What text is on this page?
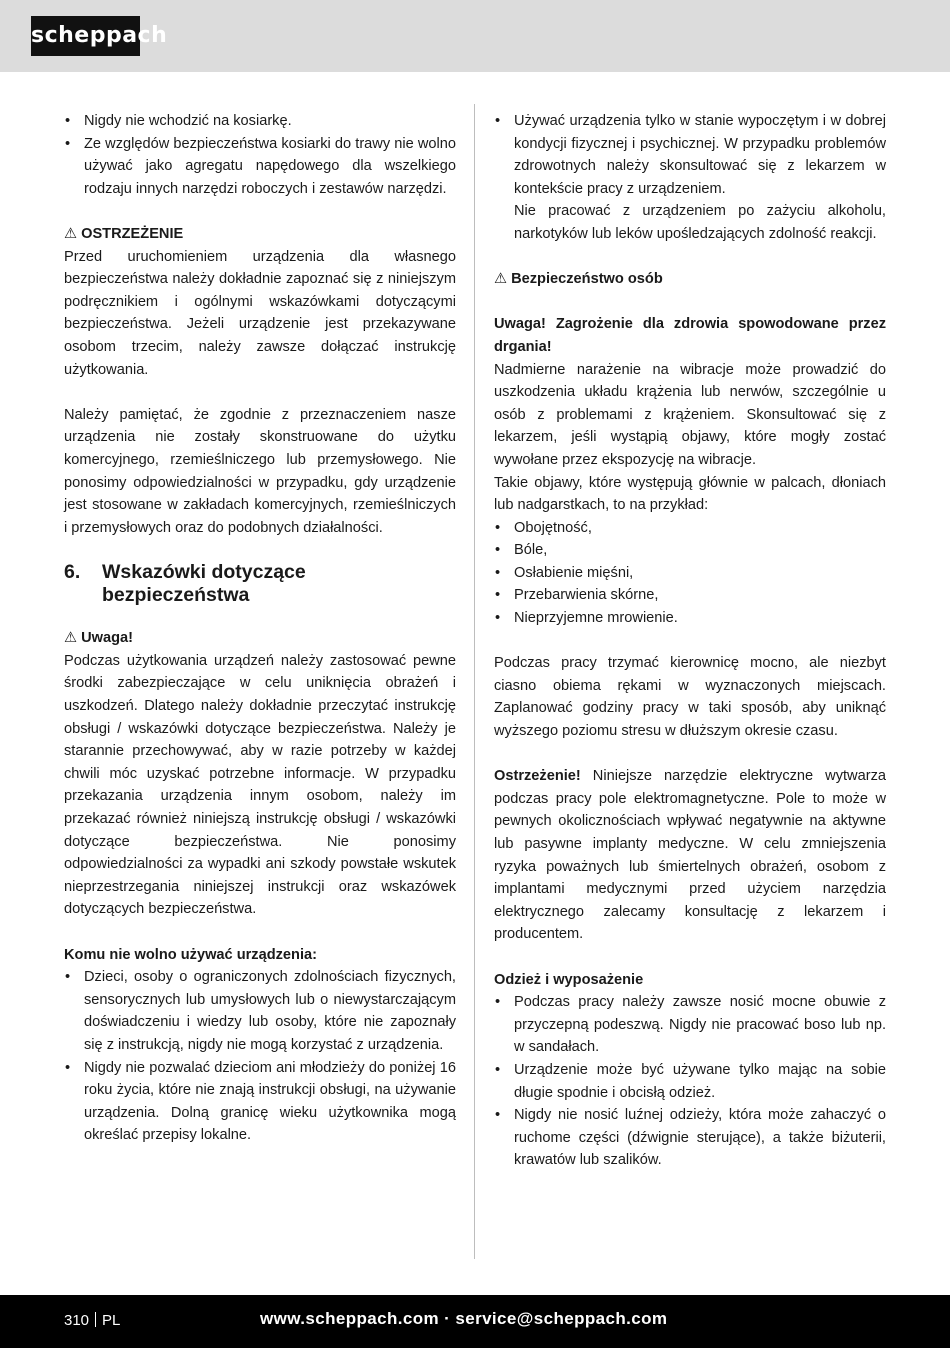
scheppach
• Nigdy nie wchodzić na kosiarkę.
• Ze względów bezpieczeństwa kosiarki do trawy nie wolno używać jako agregatu napędowego dla wszelkiego rodzaju innych narzędzi roboczych i zestawów narzędzi.
⚠ OSTRZEŻENIE

Przed uruchomieniem urządzenia dla własnego bezpieczeństwa należy dokładnie zapoznać się z niniejszym podręcznikiem i ogólnymi wskazówkami dotyczącymi bezpieczeństwa. Jeżeli urządzenie jest przekazywane osobom trzecim, należy zawsze dołączać instrukcję użytkowania.

Należy pamiętać, że zgodnie z przeznaczeniem nasze urządzenia nie zostały skonstruowane do użytku komercyjnego, rzemieślniczego lub przemysłowego. Nie ponosimy odpowiedzialności w przypadku, gdy urządzenie jest stosowane w zakładach komercyjnych, rzemieślniczych i przemysłowych oraz do podobnych działalności.

6.	Wskazówki dotyczące bezpieczeństwa
⚠ Uwaga!

Podczas użytkowania urządzeń należy zastosować pewne środki zabezpieczające w celu uniknięcia obrażeń i uszkodzeń. Dlatego należy dokładnie przeczytać instrukcję obsługi / wskazówki dotyczące bezpieczeństwa. Należy je starannie przechowywać, aby w razie potrzeby w każdej chwili móc uzyskać potrzebne informacje. W przypadku przekazania urządzenia innym osobom, należy im przekazać również niniejszą instrukcję obsługi / wskazówki dotyczące bezpieczeństwa. Nie ponosimy odpowiedzialności za wypadki ani szkody powstałe wskutek nieprzestrzegania niniejszej instrukcji oraz wskazówek dotyczących bezpieczeństwa.

Komu nie wolno używać urządzenia:
• Dzieci, osoby o ograniczonych zdolnościach fizycznych, sensorycznych lub umysłowych lub o niewystarczającym doświadczeniu i wiedzy lub osoby, które nie zapoznały się z instrukcją, nigdy nie mogą korzystać z urządzenia.
• Nigdy nie pozwalać dzieciom ani młodzieży do poniżej 16 roku życia, które nie znają instrukcji obsługi, na używanie urządzenia. Dolną granicę wieku użytkownika mogą określać przepisy lokalne.
• Używać urządzenia tylko w stanie wypoczętym i w dobrej kondycji fizycznej i psychicznej. W przypadku problemów zdrowotnych należy skonsultować się z lekarzem w kontekście pracy z urządzeniem.
Nie pracować z urządzeniem po zażyciu alkoholu, narkotyków lub leków upośledzających zdolność reakcji.
⚠ Bezpieczeństwo osób

Uwaga! Zagrożenie dla zdrowia spowodowane przez drgania!

Nadmierne narażenie na wibracje może prowadzić do uszkodzenia układu krążenia lub nerwów, szczególnie u osób z problemami z krążeniem. Skonsultować się z lekarzem, jeśli wystąpią objawy, które mogły zostać wywołane przez ekspozycję na wibracje.

Takie objawy, które występują głównie w palcach, dłoniach lub nadgarstkach, to na przykład:

• Obojętność,
• Bóle,
• Osłabienie mięśni,
• Przebarwienia skórne,
• Nieprzyjemne mrowienie.

Podczas pracy trzymać kierownicę mocno, ale niezbyt ciasno obiema rękami w wyznaczonych miejscach. Zaplanować godziny pracy w taki sposób, aby uniknąć wyższego poziomu stresu w dłuższym okresie czasu.

Ostrzeżenie! Niniejsze narzędzie elektryczne wytwarza podczas pracy pole elektromagnetyczne. Pole to może w pewnych okolicznościach wpływać negatywnie na aktywne lub pasywne implanty medyczne. W celu zmniejszenia ryzyka poważnych lub śmiertelnych obrażeń, osobom z implantami medycznymi przed użyciem narzędzia elektrycznego zalecamy konsultację z lekarzem i producentem.

Odzież i wyposażenie
• Podczas pracy należy zawsze nosić mocne obuwie z przyczepną podeszwą. Nigdy nie pracować boso lub np. w sandałach.
• Urządzenie może być używane tylko mając na sobie długie spodnie i obcisłą odzież.
• Nigdy nie nosić luźnej odzieży, która może zahaczyć o ruchome części (dźwignie sterujące), a także biżuterii, krawatów lub szalików.
310 PL	www.scheppach.com · service@scheppach.com
